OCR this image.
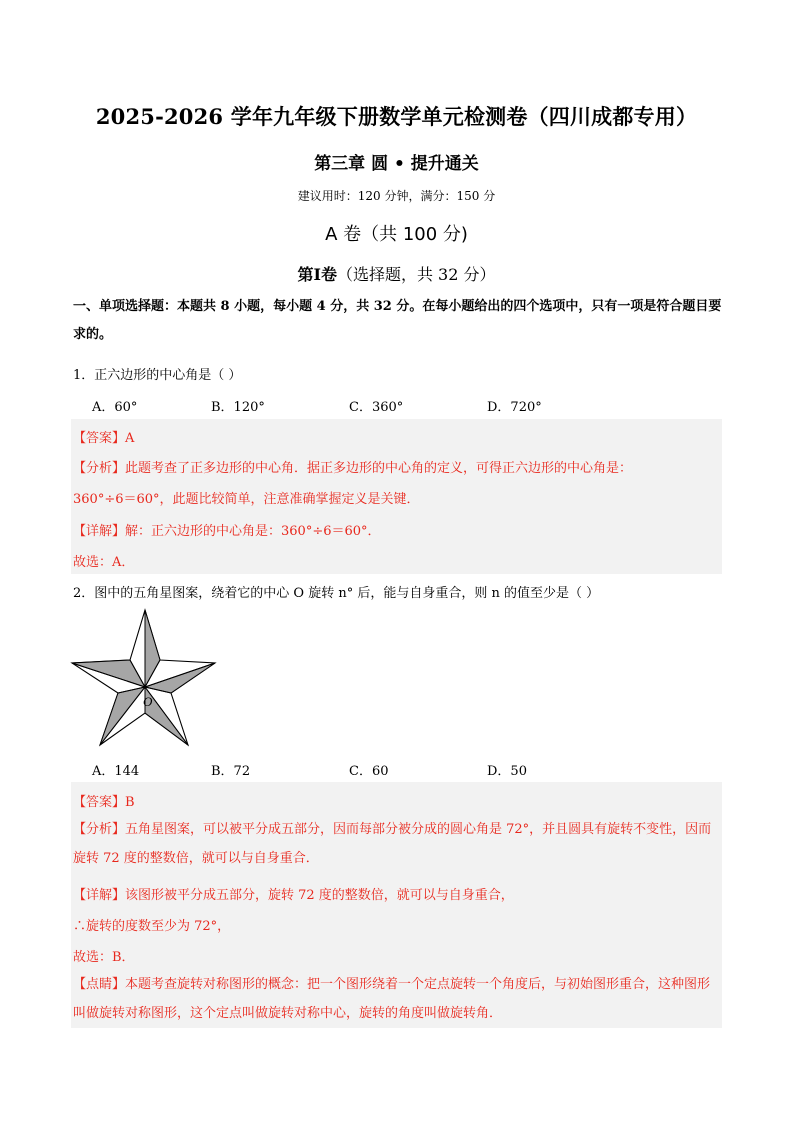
2025-2026 学年九年级下册数学单元检测卷（四川成都专用）
第三章 圆 • 提升通关
建议用时：120 分钟，满分：150 分
A 卷（共 100 分)
第Ⅰ卷（选择题，共 32 分）
一、单项选择题：本题共 8 小题，每小题 4 分，共 32 分。在每小题给出的四个选项中，只有一项是符合题目要求的。
1．正六边形的中心角是（ ）
A．60°	B．120°	C．360°	D．720°
【答案】A
【分析】此题考查了正多边形的中心角．据正多边形的中心角的定义，可得正六边形的中心角是：
360°÷6＝60°，此题比较简单，注意准确掌握定义是关键．
【详解】解：正六边形的中心角是：360°÷6＝60°．
故选：A．
2．图中的五角星图案，绕着它的中心 O 旋转 n° 后，能与自身重合，则 n 的值至少是（ ）
O
A．144	B．72	C．60	D．50
【答案】B
【分析】五角星图案，可以被平分成五部分，因而每部分被分成的圆心角是 72°，并且圆具有旋转不变性，因而旋转 72 度的整数倍，就可以与自身重合．
【详解】该图形被平分成五部分，旋转 72 度的整数倍，就可以与自身重合，
∴旋转的度数至少为 72°，
故选：B．
【点睛】本题考查旋转对称图形的概念：把一个图形绕着一个定点旋转一个角度后，与初始图形重合，这种图形叫做旋转对称图形，这个定点叫做旋转对称中心，旋转的角度叫做旋转角．
